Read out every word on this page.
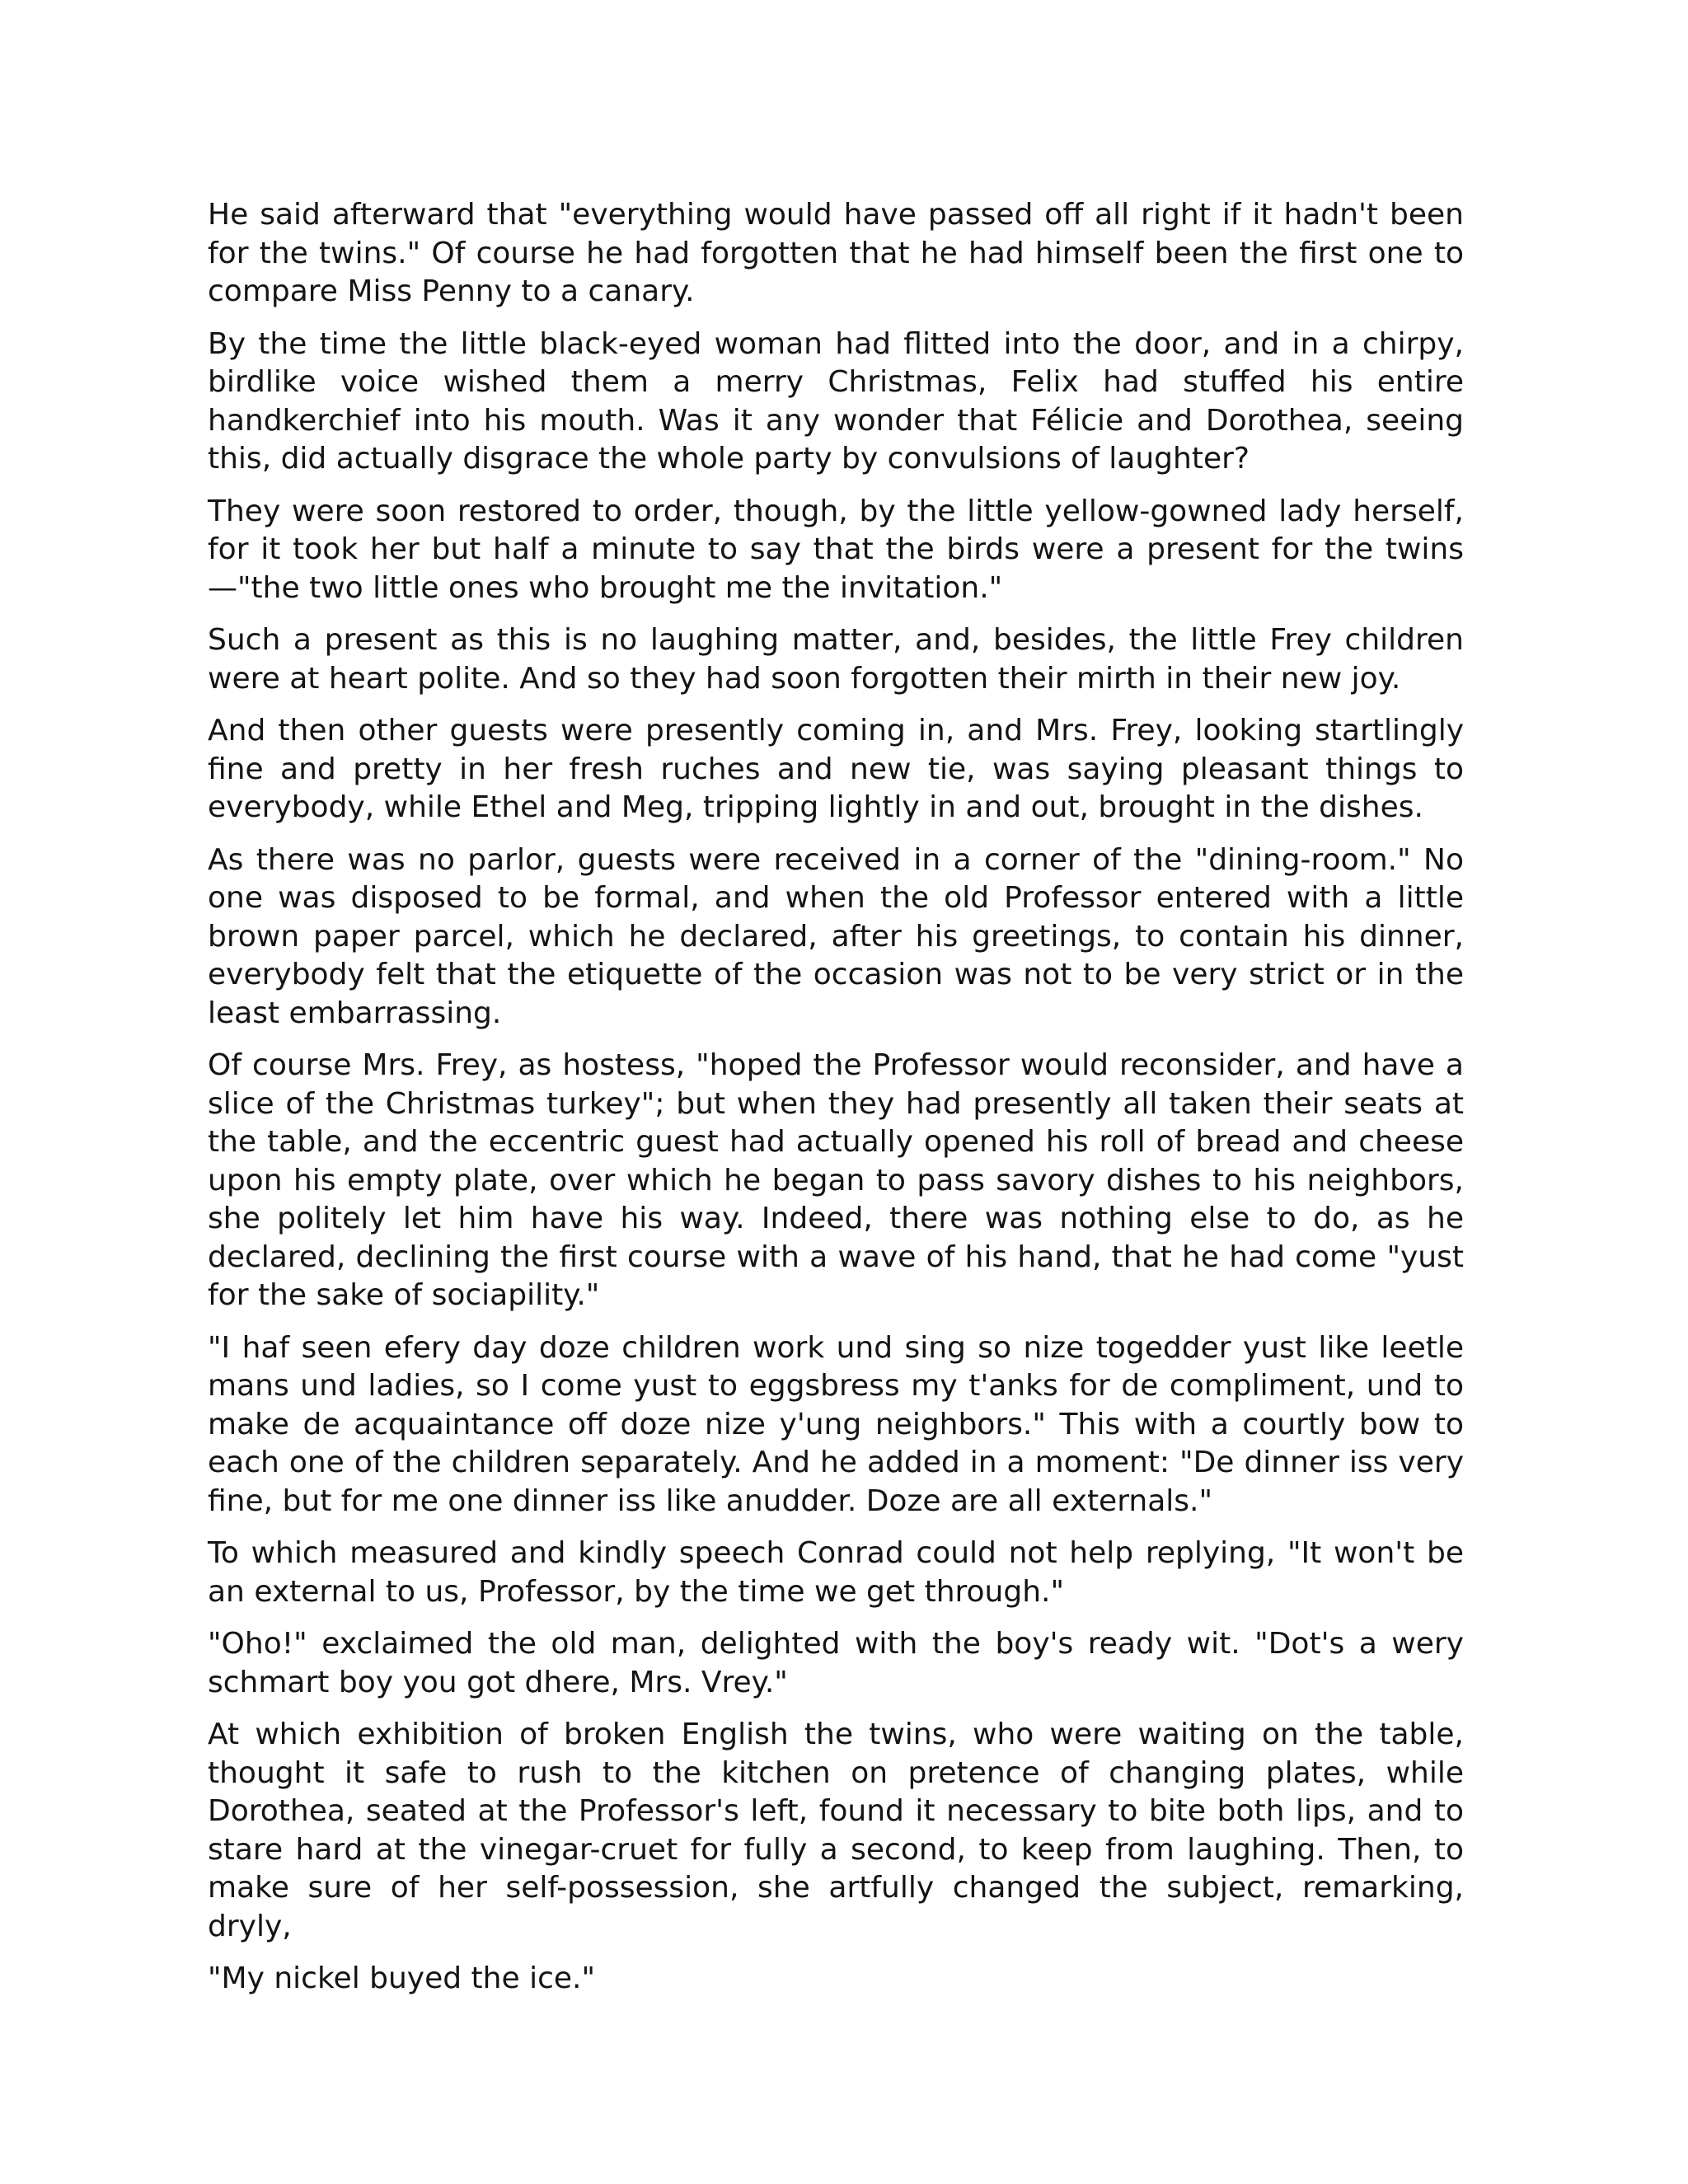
He said afterward that "everything would have passed off all right if it hadn't been for the twins." Of course he had forgotten that he had himself been the first one to compare Miss Penny to a canary.

By the time the little black-eyed woman had flitted into the door, and in a chirpy, birdlike voice wished them a merry Christmas, Felix had stuffed his entire handkerchief into his mouth. Was it any wonder that Félicie and Dorothea, seeing this, did actually disgrace the whole party by convulsions of laughter?

They were soon restored to order, though, by the little yellow-gowned lady herself, for it took her but half a minute to say that the birds were a present for the twins—"the two little ones who brought me the invitation."

Such a present as this is no laughing matter, and, besides, the little Frey children were at heart polite. And so they had soon forgotten their mirth in their new joy.

And then other guests were presently coming in, and Mrs. Frey, looking startlingly fine and pretty in her fresh ruches and new tie, was saying pleasant things to everybody, while Ethel and Meg, tripping lightly in and out, brought in the dishes.

As there was no parlor, guests were received in a corner of the "dining-room." No one was disposed to be formal, and when the old Professor entered with a little brown paper parcel, which he declared, after his greetings, to contain his dinner, everybody felt that the etiquette of the occasion was not to be very strict or in the least embarrassing.

Of course Mrs. Frey, as hostess, "hoped the Professor would reconsider, and have a slice of the Christmas turkey"; but when they had presently all taken their seats at the table, and the eccentric guest had actually opened his roll of bread and cheese upon his empty plate, over which he began to pass savory dishes to his neighbors, she politely let him have his way. Indeed, there was nothing else to do, as he declared, declining the first course with a wave of his hand, that he had come "yust for the sake of sociapility."

"I haf seen efery day doze children work und sing so nize togedder yust like leetle mans und ladies, so I come yust to eggsbress my t'anks for de compliment, und to make de acquaintance off doze nize y'ung neighbors." This with a courtly bow to each one of the children separately. And he added in a moment: "De dinner iss very fine, but for me one dinner iss like anudder. Doze are all externals."

To which measured and kindly speech Conrad could not help replying, "It won't be an external to us, Professor, by the time we get through."

"Oho!" exclaimed the old man, delighted with the boy's ready wit. "Dot's a wery schmart boy you got dhere, Mrs. Vrey."

At which exhibition of broken English the twins, who were waiting on the table, thought it safe to rush to the kitchen on pretence of changing plates, while Dorothea, seated at the Professor's left, found it necessary to bite both lips, and to stare hard at the vinegar-cruet for fully a second, to keep from laughing. Then, to make sure of her self-possession, she artfully changed the subject, remarking, dryly,

"My nickel buyed the ice."
